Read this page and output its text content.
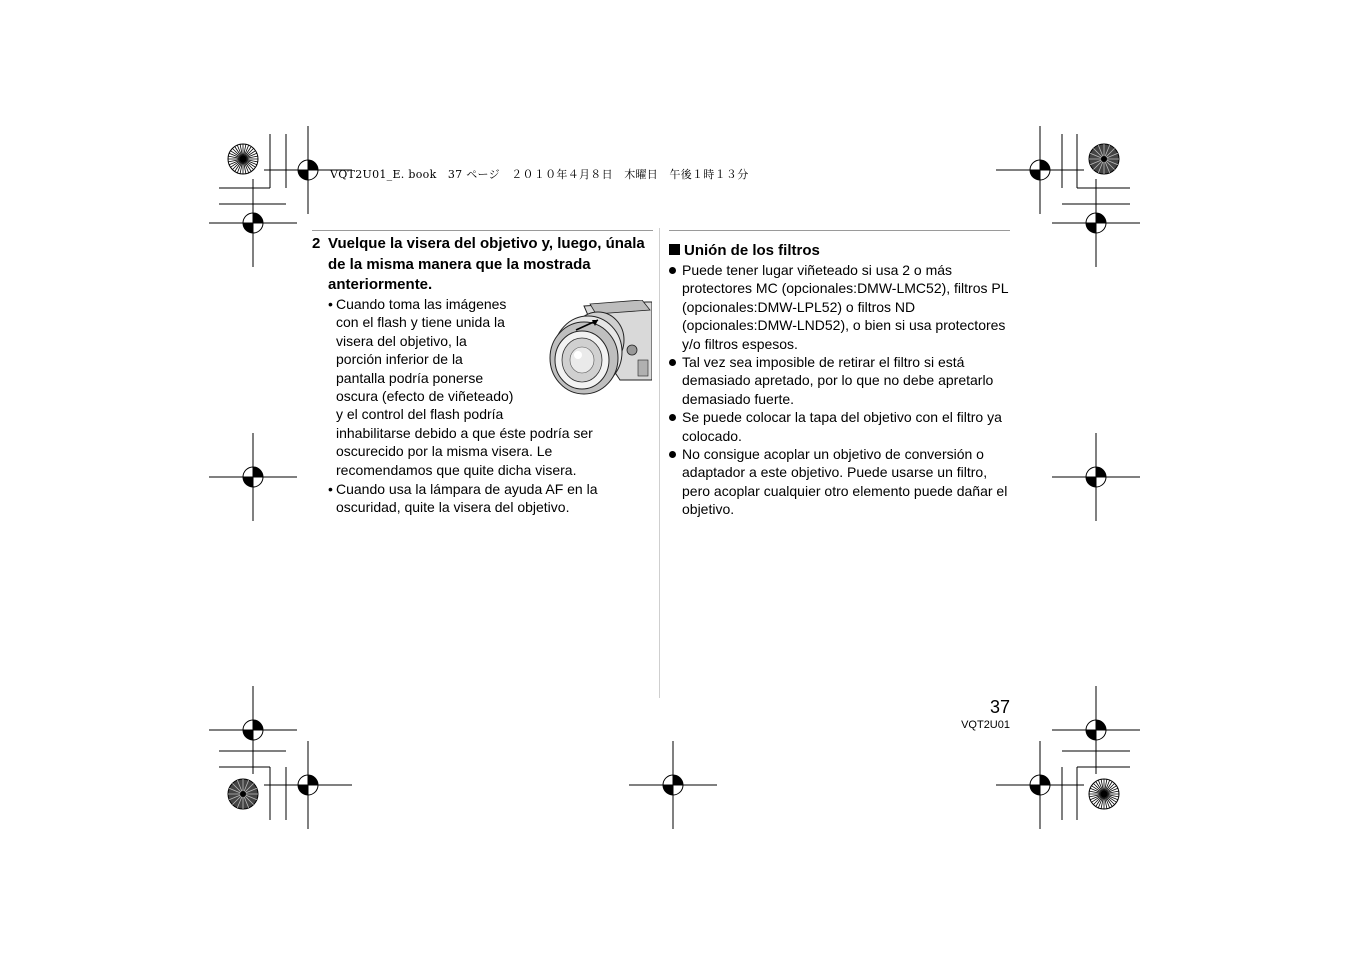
VQT2U01_E. book　37 ページ　２０１０年４月８日　木曜日　午後１時１３分
2 Vuelque la visera del objetivo y, luego, únala de la misma manera que la mostrada anteriormente.
• Cuando toma las imágenes
con el flash y tiene unida la
visera del objetivo, la
porción inferior de la
pantalla podría ponerse
oscura (efecto de viñeteado)
y el control del flash podría
inhabilitarse debido a que éste podría ser
oscurecido por la misma visera. Le
recomendamos que quite dicha visera.
• Cuando usa la lámpara de ayuda AF en la
oscuridad, quite la visera del objetivo.
Unión de los filtros
Puede tener lugar viñeteado si usa 2 o más protectores MC (opcionales:DMW-LMC52), filtros PL (opcionales:DMW-LPL52) o filtros ND (opcionales:DMW-LND52), o bien si usa protectores y/o filtros espesos.
Tal vez sea imposible de retirar el filtro si está demasiado apretado, por lo que no debe apretarlo demasiado fuerte.
Se puede colocar la tapa del objetivo con el filtro ya colocado.
No consigue acoplar un objetivo de conversión o adaptador a este objetivo. Puede usarse un filtro, pero acoplar cualquier otro elemento puede dañar el objetivo.
37
VQT2U01
